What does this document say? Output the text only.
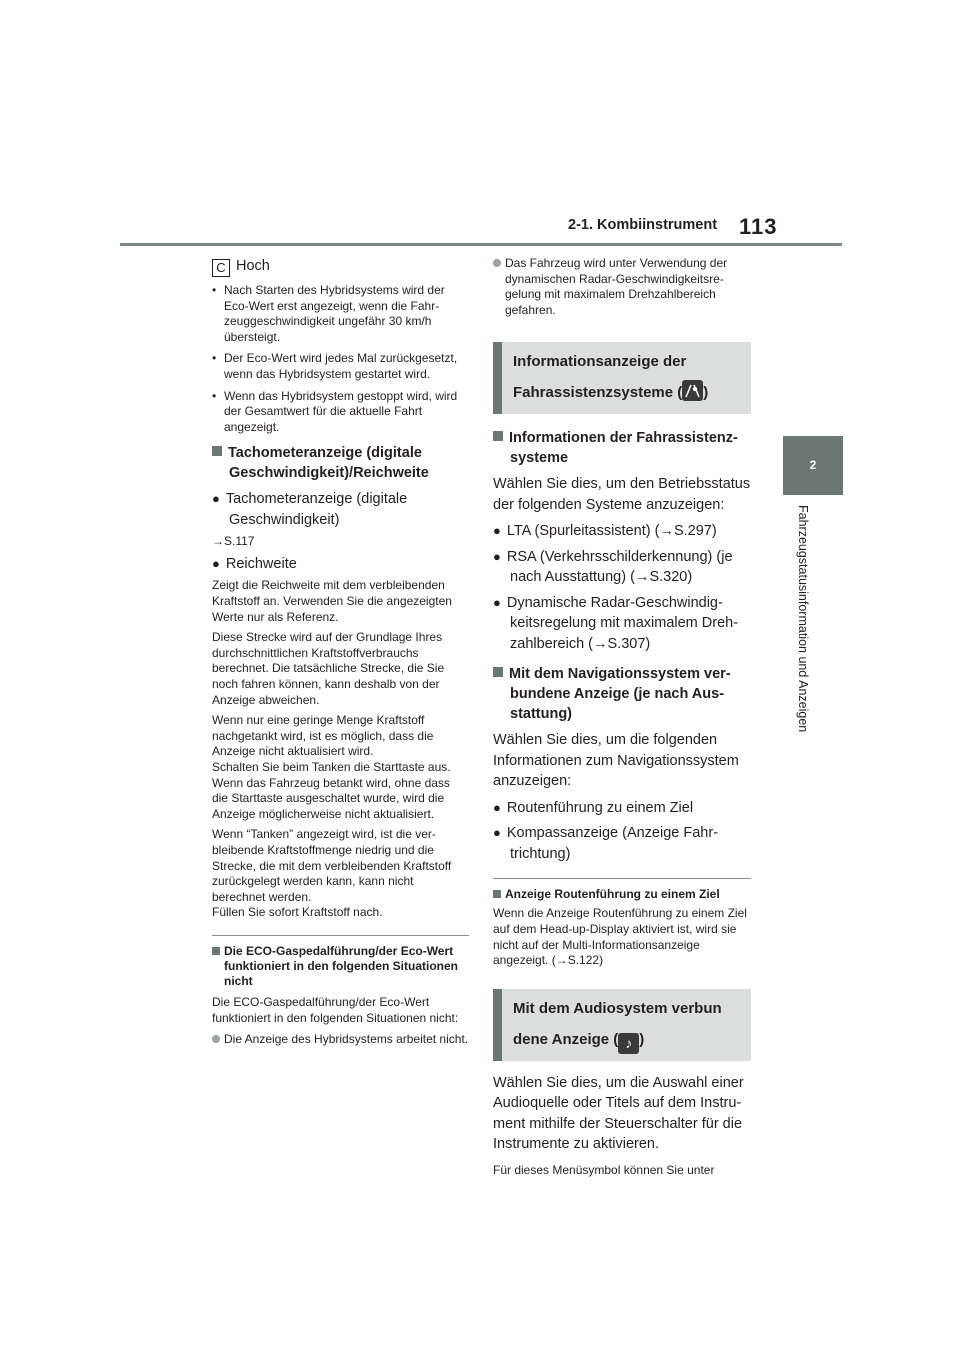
2-1. Kombiinstrument 113
2
Fahrzeugstatusinformation und Anzeigen

C Hoch

• Nach Starten des Hybridsystems wird der Eco-Wert erst angezeigt, wenn die Fahrzeuggeschwindigkeit ungefähr 30 km/h übersteigt.

• Der Eco-Wert wird jedes Mal zurückgesetzt, wenn das Hybridsystem gestartet wird.

• Wenn das Hybridsystem gestoppt wird, wird der Gesamtwert für die aktuelle Fahrt angezeigt.

Tachometeranzeige (digitale Geschwindigkeit)/Reichweite

● Tachometeranzeige (digitale Geschwindigkeit)

→S.117

● Reichweite

Zeigt die Reichweite mit dem verbleibenden Kraftstoff an. Verwenden Sie die angezeigten Werte nur als Referenz.

Diese Strecke wird auf der Grundlage Ihres durchschnittlichen Kraftstoffverbrauchs berechnet. Die tatsächliche Strecke, die Sie noch fahren können, kann deshalb von der Anzeige abweichen.

Wenn nur eine geringe Menge Kraftstoff nachgetankt wird, ist es möglich, dass die Anzeige nicht aktualisiert wird.

Schalten Sie beim Tanken die Starttaste aus. Wenn das Fahrzeug betankt wird, ohne dass die Starttaste ausgeschaltet wurde, wird die Anzeige möglicherweise nicht aktualisiert.

Wenn “Tanken” angezeigt wird, ist die verbleibende Kraftstoffmenge niedrig und die Strecke, die mit dem verbleibenden Kraftstoff zurückgelegt werden kann, kann nicht berechnet werden.

Füllen Sie sofort Kraftstoff nach.

Die ECO-Gaspedalführung/der Eco-Wert funktioniert in den folgenden Situationen nicht

Die ECO-Gaspedalführung/der Eco-Wert funktioniert in den folgenden Situationen nicht:

Die Anzeige des Hybridsystems arbeitet nicht.

Das Fahrzeug wird unter Verwendung der dynamischen Radar-Geschwindigkeitsregelung mit maximalem Drehzahlbereich gefahren.

Informationsanzeige der
Fahrassistenzsysteme ( )

Informationen der Fahrassistenzsysteme

Wählen Sie dies, um den Betriebsstatus der folgenden Systeme anzuzeigen:

● LTA (Spurleitassistent) (→S.297)

● RSA (Verkehrsschilderkennung) (je nach Ausstattung) (→S.320)

● Dynamische Radar-Geschwindigkeitsregelung mit maximalem Drehzahlbereich (→S.307)

Mit dem Navigationssystem verbundene Anzeige (je nach Ausstattung)

Wählen Sie dies, um die folgenden Informationen zum Navigationssystem anzuzeigen:

● Routenführung zu einem Ziel

● Kompassanzeige (Anzeige Fahrtrichtung)

Anzeige Routenführung zu einem Ziel

Wenn die Anzeige Routenführung zu einem Ziel auf dem Head-up-Display aktiviert ist, wird sie nicht auf der Multi-Informationsanzeige angezeigt. (→S.122)

Mit dem Audiosystem verbun
dene Anzeige ( ♪ )

Wählen Sie dies, um die Auswahl einer Audioquelle oder Titels auf dem Instrument mithilfe der Steuerschalter für die Instrumente zu aktivieren.

Für dieses Menüsymbol können Sie unter
